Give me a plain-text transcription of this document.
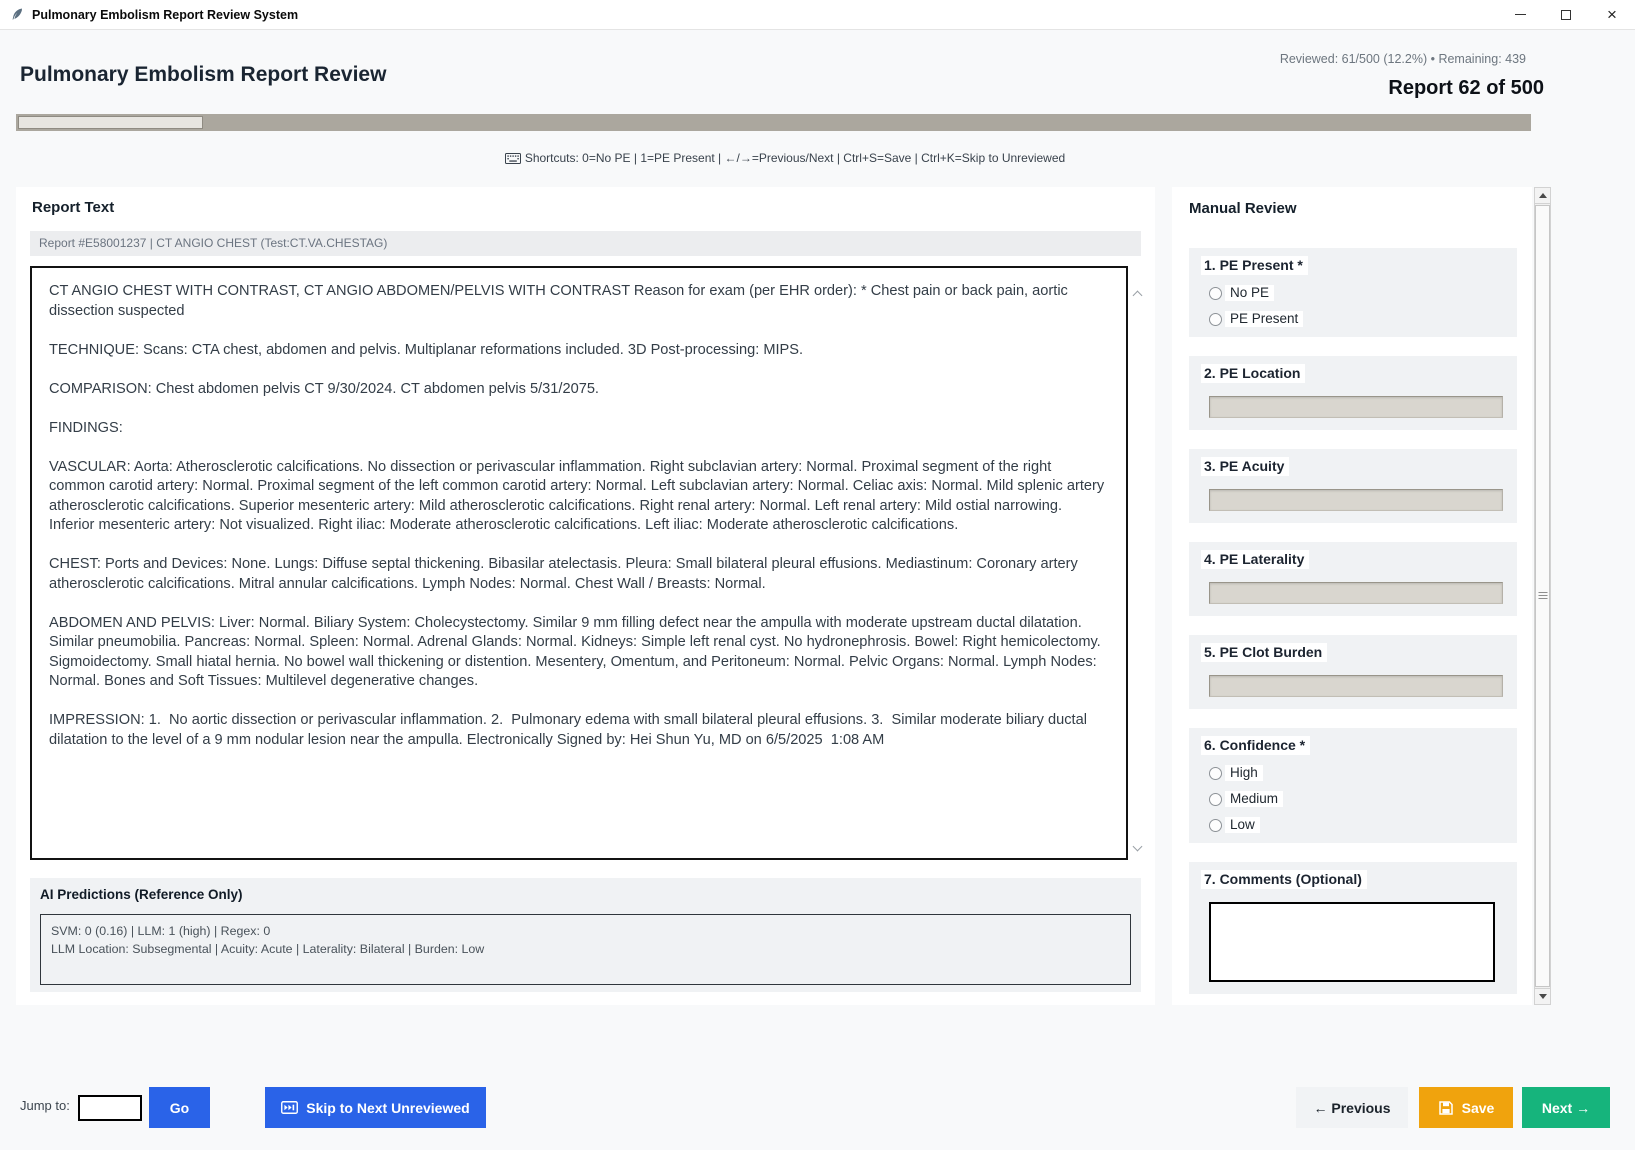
Pulmonary Embolism Report Review System	×
Pulmonary Embolism Report Review
Reviewed: 61/500 (12.2%) • Remaining: 439
Report 62 of 500
Shortcuts: 0=No PE | 1=PE Present | ←/→=Previous/Next | Ctrl+S=Save | Ctrl+K=Skip to Unreviewed
Report Text
Report #E58001237 | CT ANGIO CHEST (Test:CT.VA.CHESTAG)

CT ANGIO CHEST WITH CONTRAST, CT ANGIO ABDOMEN/PELVIS WITH CONTRAST Reason for exam (per EHR order): * Chest pain or back pain, aortic dissection suspected

TECHNIQUE: Scans: CTA chest, abdomen and pelvis. Multiplanar reformations included. 3D Post-processing: MIPS.

COMPARISON: Chest abdomen pelvis CT 9/30/2024. CT abdomen pelvis 5/31/2075.

FINDINGS:

VASCULAR: Aorta: Atherosclerotic calcifications. No dissection or perivascular inflammation. Right subclavian artery: Normal. Proximal segment of the right common carotid artery: Normal. Proximal segment of the left common carotid artery: Normal. Left subclavian artery: Normal. Celiac axis: Normal. Mild splenic artery atherosclerotic calcifications. Superior mesenteric artery: Mild atherosclerotic calcifications. Right renal artery: Normal. Left renal artery: Mild ostial narrowing. Inferior mesenteric artery: Not visualized. Right iliac: Moderate atherosclerotic calcifications. Left iliac: Moderate atherosclerotic calcifications.

CHEST: Ports and Devices: None. Lungs: Diffuse septal thickening. Bibasilar atelectasis. Pleura: Small bilateral pleural effusions. Mediastinum: Coronary artery atherosclerotic calcifications. Mitral annular calcifications. Lymph Nodes: Normal. Chest Wall / Breasts: Normal.

ABDOMEN AND PELVIS: Liver: Normal. Biliary System: Cholecystectomy. Similar 9 mm filling defect near the ampulla with moderate upstream ductal dilatation. Similar pneumobilia. Pancreas: Normal. Spleen: Normal. Adrenal Glands: Normal. Kidneys: Simple left renal cyst. No hydronephrosis. Bowel: Right hemicolectomy. Sigmoidectomy. Small hiatal hernia. No bowel wall thickening or distention. Mesentery, Omentum, and Peritoneum: Normal. Pelvic Organs: Normal. Lymph Nodes: Normal. Bones and Soft Tissues: Multilevel degenerative changes.

IMPRESSION: 1.  No aortic dissection or perivascular inflammation. 2.  Pulmonary edema with small bilateral pleural effusions. 3.  Similar moderate biliary ductal dilatation to the level of a 9 mm nodular lesion near the ampulla. Electronically Signed by: Hei Shun Yu, MD on 6/5/2025  1:08 AM

AI Predictions (Reference Only)
SVM: 0 (0.16) | LLM: 1 (high) | Regex: 0
LLM Location: Subsegmental | Acuity: Acute | Laterality: Bilateral | Burden: Low
Manual Review
1. PE Present *
No PE
PE Present
2. PE Location
3. PE Acuity
4. PE Laterality
5. PE Clot Burden
6. Confidence *
High
Medium
Low
7. Comments (Optional)
Jump to:	Go	Skip to Next Unreviewed	← Previous	Save	Next →
